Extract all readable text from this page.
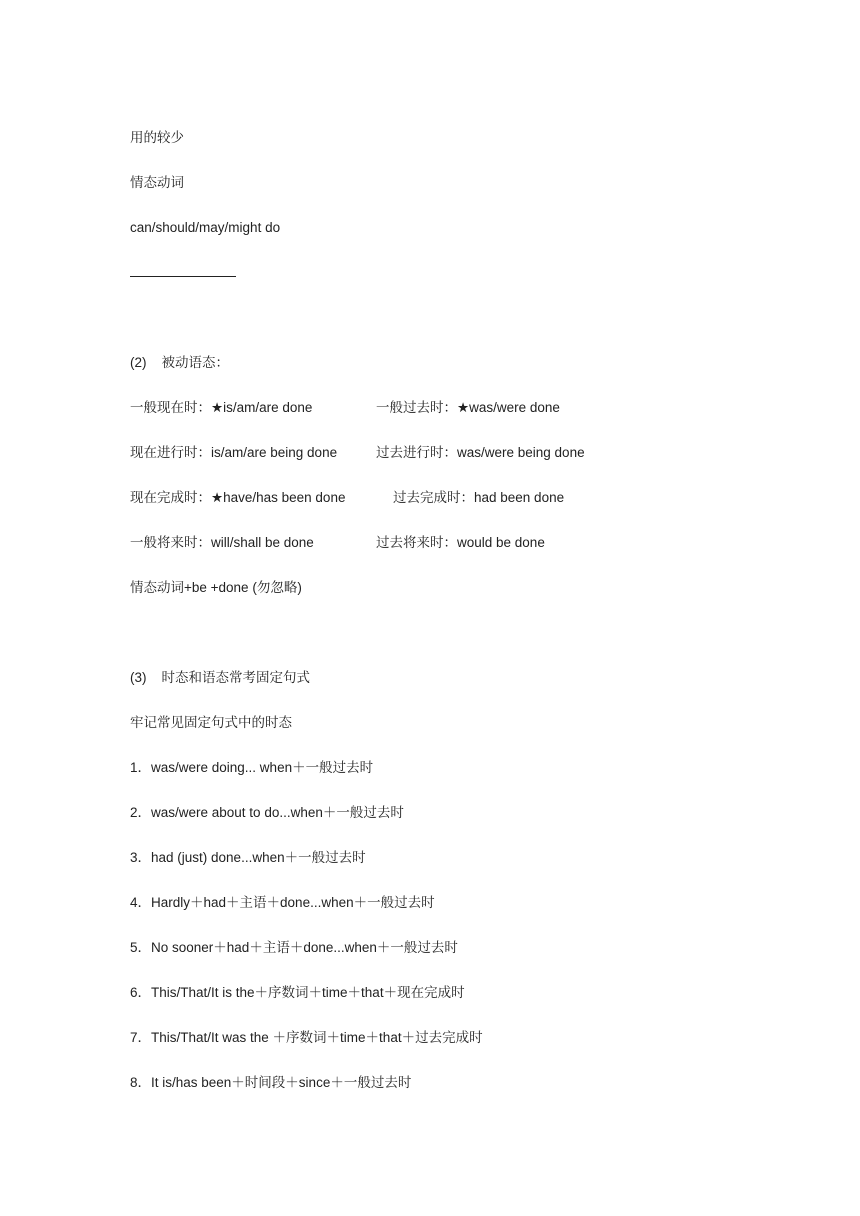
用的较少
情态动词
can/should/may/might do
(2)    被动语态：
一般现在时：★is/am/are done	一般过去时：★was/were done
现在进行时：is/am/are being done	过去进行时：was/were being done
现在完成时：★have/has been done	过去完成时：had been done
一般将来时：will/shall be done	过去将来时：would be done
情态动词+be +done (勿忽略)
(3)    时态和语态常考固定句式
牢记常见固定句式中的时态
1．was/were doing... when＋一般过去时
2．was/were about to do...when＋一般过去时
3．had (just) done...when＋一般过去时
4．Hardly＋had＋主语＋done...when＋一般过去时
5．No sooner＋had＋主语＋done...when＋一般过去时
6．This/That/It is the＋序数词＋time＋that＋现在完成时
7．This/That/It was the ＋序数词＋time＋that＋过去完成时
8．It is/has been＋时间段＋since＋一般过去时
